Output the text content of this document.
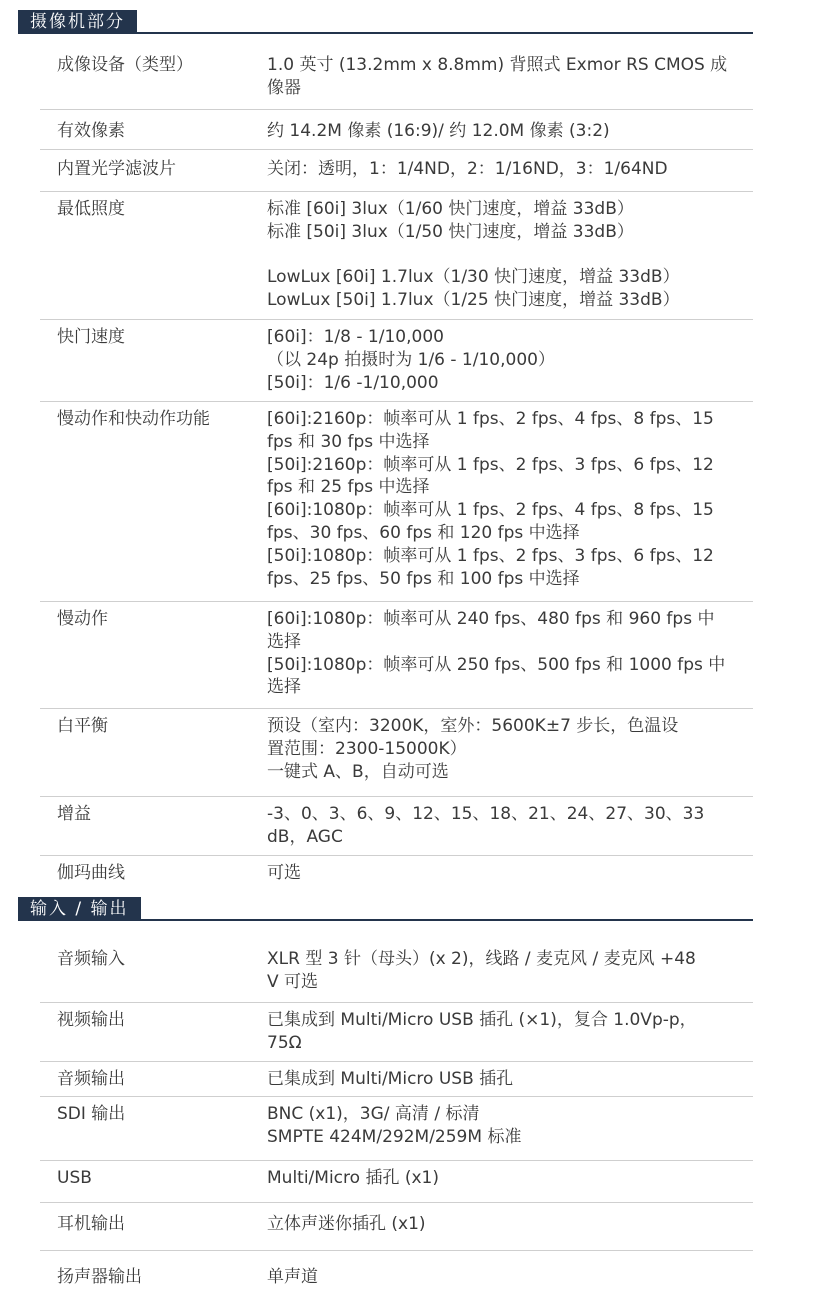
摄像机部分
成像设备（类型）	1.0 英寸 (13.2mm x 8.8mm) 背照式 Exmor RS CMOS 成
像器
有效像素	约 14.2M 像素 (16:9)/ 约 12.0M 像素 (3:2)
内置光学滤波片	关闭：透明，1：1/4ND，2：1/16ND，3：1/64ND
最低照度	标准 [60i] 3lux（1/60 快门速度，增益 33dB）
标准 [50i] 3lux（1/50 快门速度，增益 33dB）
LowLux [60i] 1.7lux（1/30 快门速度，增益 33dB）
LowLux [50i] 1.7lux（1/25 快门速度，增益 33dB）
快门速度	[60i]：1/8 - 1/10,000
（以 24p 拍摄时为 1/6 - 1/10,000）
[50i]：1/6 -1/10,000
慢动作和快动作功能	[60i]:2160p：帧率可从 1 fps、2 fps、4 fps、8 fps、15
fps 和 30 fps 中选择
[50i]:2160p：帧率可从 1 fps、2 fps、3 fps、6 fps、12
fps 和 25 fps 中选择
[60i]:1080p：帧率可从 1 fps、2 fps、4 fps、8 fps、15
fps、30 fps、60 fps 和 120 fps 中选择
[50i]:1080p：帧率可从 1 fps、2 fps、3 fps、6 fps、12
fps、25 fps、50 fps 和 100 fps 中选择
慢动作	[60i]:1080p：帧率可从 240 fps、480 fps 和 960 fps 中
选择
[50i]:1080p：帧率可从 250 fps、500 fps 和 1000 fps 中
选择
白平衡	预设（室内：3200K，室外：5600K±7 步长，色温设
置范围：2300-15000K）
一键式 A、B，自动可选
增益	-3、0、3、6、9、12、15、18、21、24、27、30、33
dB，AGC
伽玛曲线	可选
输入 / 输出
音频输入	XLR 型 3 针（母头）(x 2)，线路 / 麦克风 / 麦克风 +48
V 可选
视频输出	已集成到 Multi/Micro USB 插孔 (×1)，复合 1.0Vp-p，
75Ω
音频输出	已集成到 Multi/Micro USB 插孔
SDI 输出	BNC (x1)，3G/ 高清 / 标清
SMPTE 424M/292M/259M 标准
USB	Multi/Micro 插孔 (x1)
耳机输出	立体声迷你插孔 (x1)
扬声器输出	单声道
